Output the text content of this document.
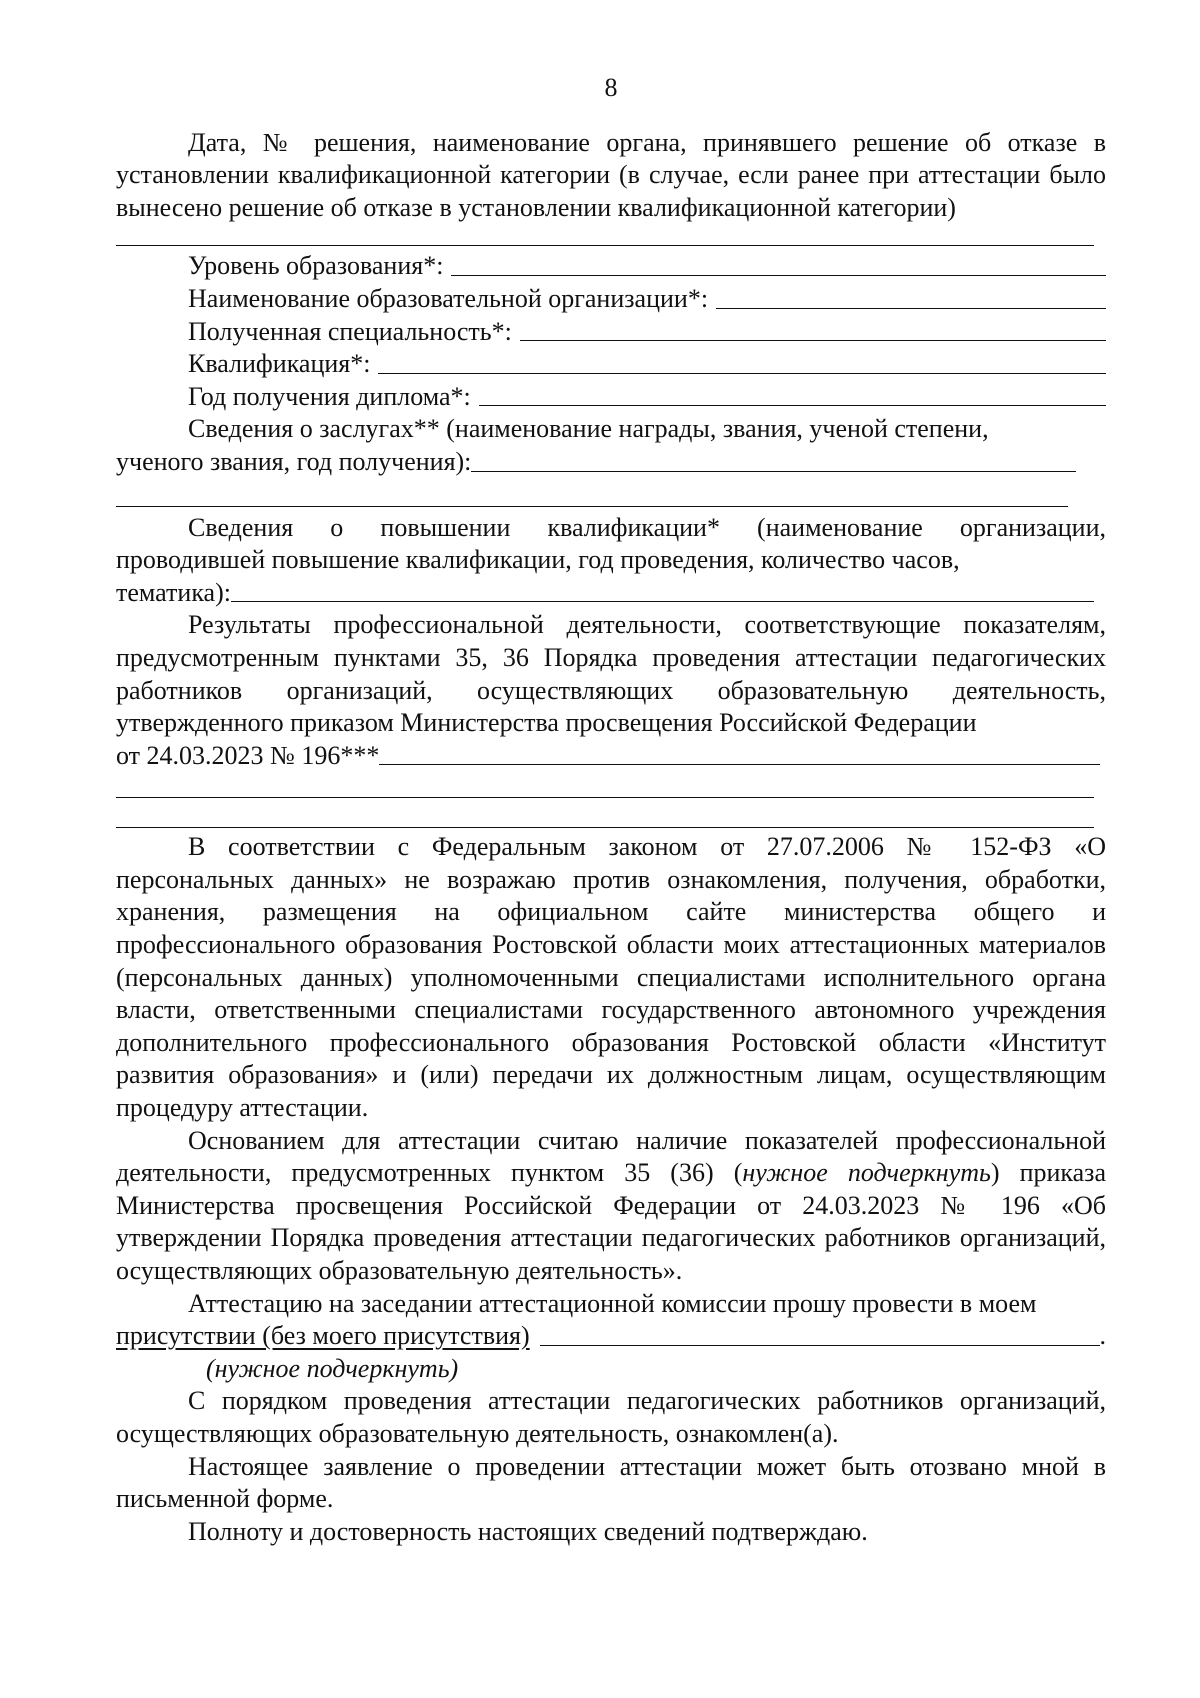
8

Дата, № решения, наименование органа, принявшего решение об отказе в установлении квалификационной категории (в случае, если ранее при аттестации было вынесено решение об отказе в установлении квалификационной категории)

Уровень образования*:
Наименование образовательной организации*:
Полученная специальность*:
Квалификация*:
Год получения диплома*:

Сведения о заслугах** (наименование награды, звания, ученой степени,

ученого звания, год получения):

Сведения о повышении квалификации* (наименование организации, проводившей повышение квалификации, год проведения, количество часов,

тематика):

Результаты профессиональной деятельности, соответствующие показателям, предусмотренным пунктами 35, 36 Порядка проведения аттестации педагогических работников организаций, осуществляющих образовательную деятельность, утвержденного приказом Министерства просвещения Российской Федерации

от 24.03.2023 № 196***

В соответствии с Федеральным законом от 27.07.2006 № 152-ФЗ «О персональных данных» не возражаю против ознакомления, получения, обработки, хранения, размещения на официальном сайте министерства общего и профессионального образования Ростовской области моих аттестационных материалов (персональных данных) уполномоченными специалистами исполнительного органа власти, ответственными специалистами государственного автономного учреждения дополнительного профессионального образования Ростовской области «Институт развития образования» и (или) передачи их должностным лицам, осуществляющим процедуру аттестации.

Основанием для аттестации считаю наличие показателей профессиональной деятельности, предусмотренных пунктом 35 (36) (нужное подчеркнуть) приказа Министерства просвещения Российской Федерации от 24.03.2023 № 196 «Об утверждении Порядка проведения аттестации педагогических работников организаций, осуществляющих образовательную деятельность».

Аттестацию на заседании аттестационной комиссии прошу провести в моем

присутствии (без моего присутствия)	.

(нужное подчеркнуть)

С порядком проведения аттестации педагогических работников организаций, осуществляющих образовательную деятельность, ознакомлен(а).

Настоящее заявление о проведении аттестации может быть отозвано мной в письменной форме.

Полноту и достоверность настоящих сведений подтверждаю.
